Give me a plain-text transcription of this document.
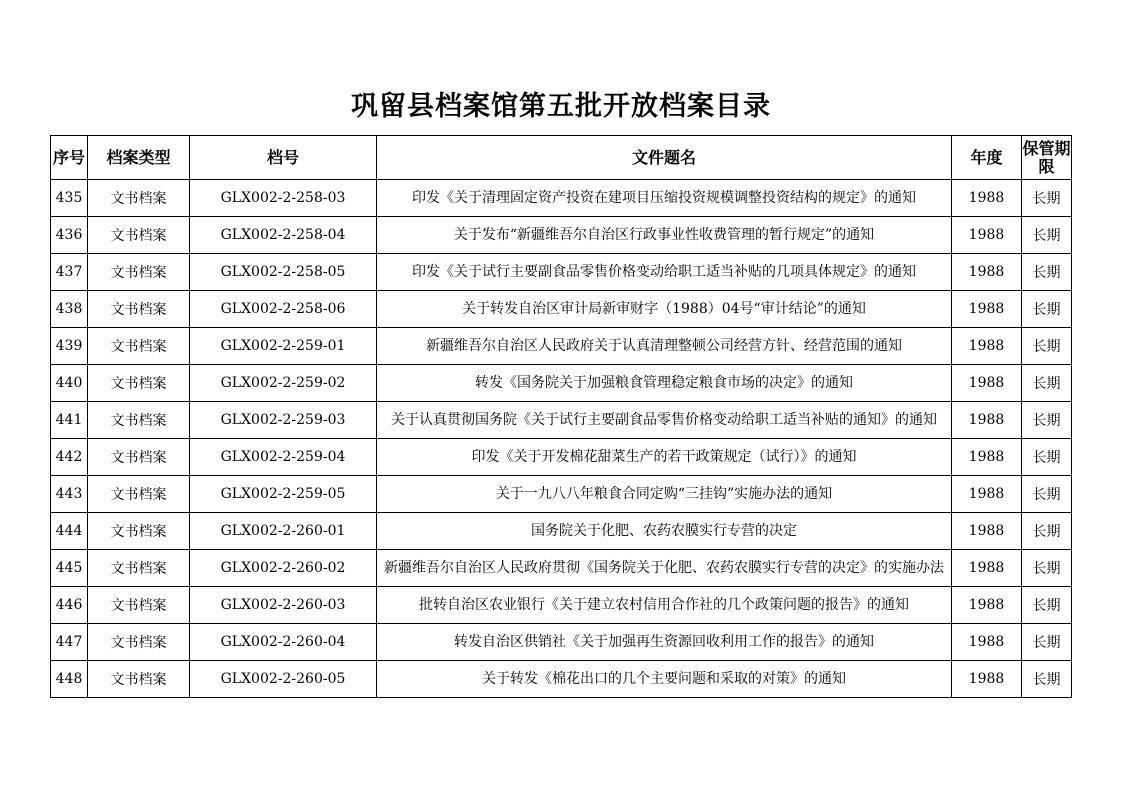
巩留县档案馆第五批开放档案目录
序号	档案类型	档号	文件题名	年度	保管期限
435	文书档案	GLX002-2-258-03	印发《关于清理固定资产投资在建项目压缩投资规模调整投资结构的规定》的通知	1988	长期
436	文书档案	GLX002-2-258-04	关于发布“新疆维吾尔自治区行政事业性收费管理的暂行规定”的通知	1988	长期
437	文书档案	GLX002-2-258-05	印发《关于试行主要副食品零售价格变动给职工适当补贴的几项具体规定》的通知	1988	长期
438	文书档案	GLX002-2-258-06	关于转发自治区审计局新审财字（1988）04号“审计结论”的通知	1988	长期
439	文书档案	GLX002-2-259-01	新疆维吾尔自治区人民政府关于认真清理整顿公司经营方针、经营范围的通知	1988	长期
440	文书档案	GLX002-2-259-02	转发《国务院关于加强粮食管理稳定粮食市场的决定》的通知	1988	长期
441	文书档案	GLX002-2-259-03	关于认真贯彻国务院《关于试行主要副食品零售价格变动给职工适当补贴的通知》的通知	1988	长期
442	文书档案	GLX002-2-259-04	印发《关于开发棉花甜菜生产的若干政策规定（试行）》的通知	1988	长期
443	文书档案	GLX002-2-259-05	关于一九八八年粮食合同定购“三挂钩”实施办法的通知	1988	长期
444	文书档案	GLX002-2-260-01	国务院关于化肥、农药农膜实行专营的决定	1988	长期
445	文书档案	GLX002-2-260-02	新疆维吾尔自治区人民政府贯彻《国务院关于化肥、农药农膜实行专营的决定》的实施办法	1988	长期
446	文书档案	GLX002-2-260-03	批转自治区农业银行《关于建立农村信用合作社的几个政策问题的报告》的通知	1988	长期
447	文书档案	GLX002-2-260-04	转发自治区供销社《关于加强再生资源回收利用工作的报告》的通知	1988	长期
448	文书档案	GLX002-2-260-05	关于转发《棉花出口的几个主要问题和采取的对策》的通知	1988	长期
